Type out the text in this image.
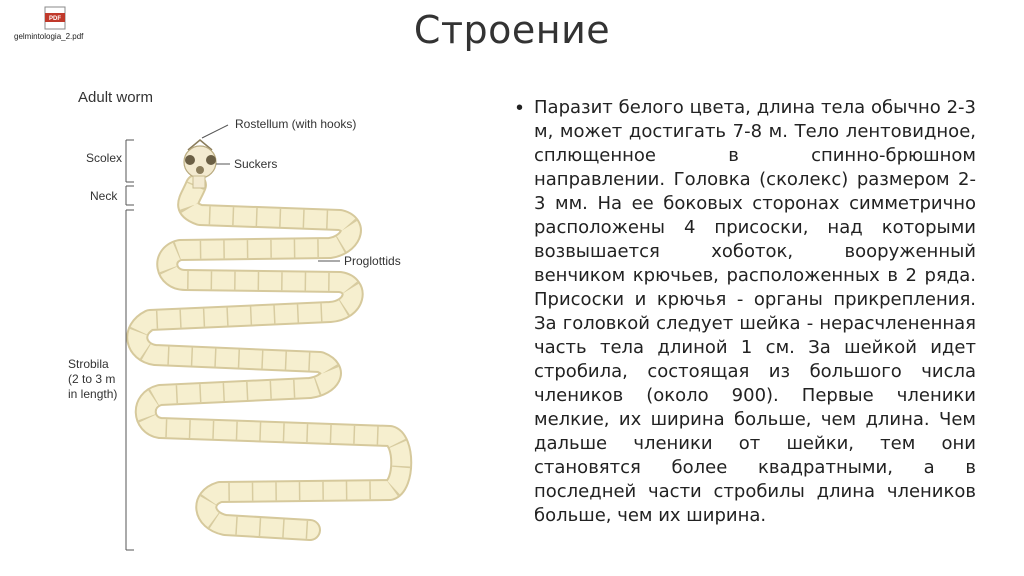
PDF
gelmintologia_2.pdf	Строение
Adult worm
Rostellum (with hooks)
Suckers
Proglottids
Scolex
Neck
Strobila
(2 to 3 m
in length)
• Паразит белого цвета, длина тела обычно 2-3 м, может достигать 7-8 м. Тело лентовидное, сплющенное в спинно-брюшном направлении. Головка (сколекс) размером 2-3 мм. На ее боковых сторонах симметрично расположены 4 присоски, над которыми возвышается хоботок, вооруженный венчиком крючьев, расположенных в 2 ряда. Присоски и крючья - органы прикрепления. За головкой следует шейка - нерасчлененная часть тела длиной 1 см. За шейкой идет стробила, состоящая из большого числа члеников (около 900). Первые членики мелкие, их ширина больше, чем длина. Чем дальше членики от шейки, тем они становятся более квадратными, а в последней части стробилы длина члеников больше, чем их ширина.
